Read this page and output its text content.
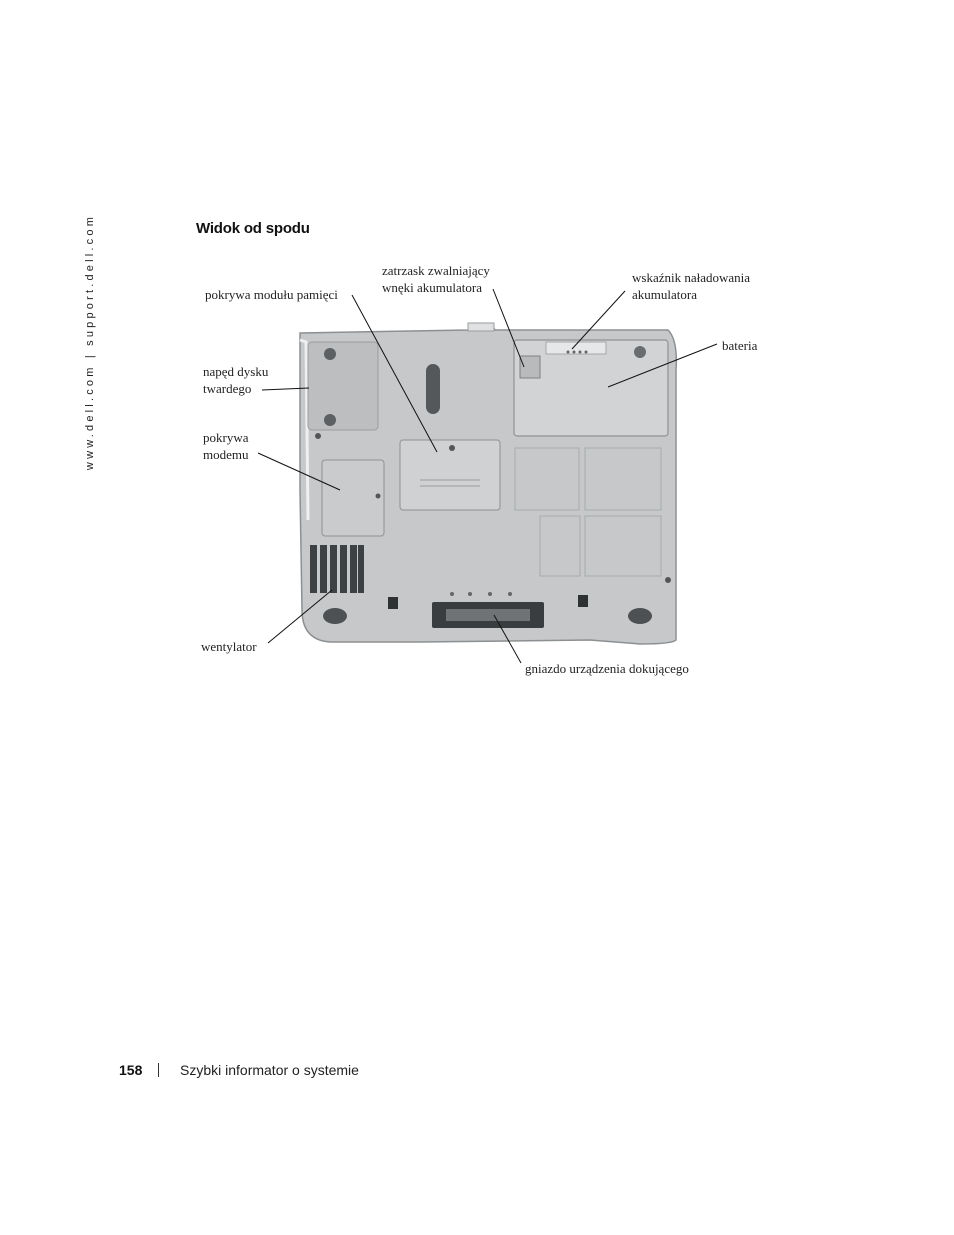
www.dell.com | support.dell.com	Widok od spodu
pokrywa modułu pamięci
zatrzask zwalniający
wnęki akumulatora
wskaźnik naładowania
akumulatora
bateria
napęd dysku
twardego
pokrywa
modemu
wentylator
gniazdo urządzenia dokującego
158	Szybki informator o systemie
